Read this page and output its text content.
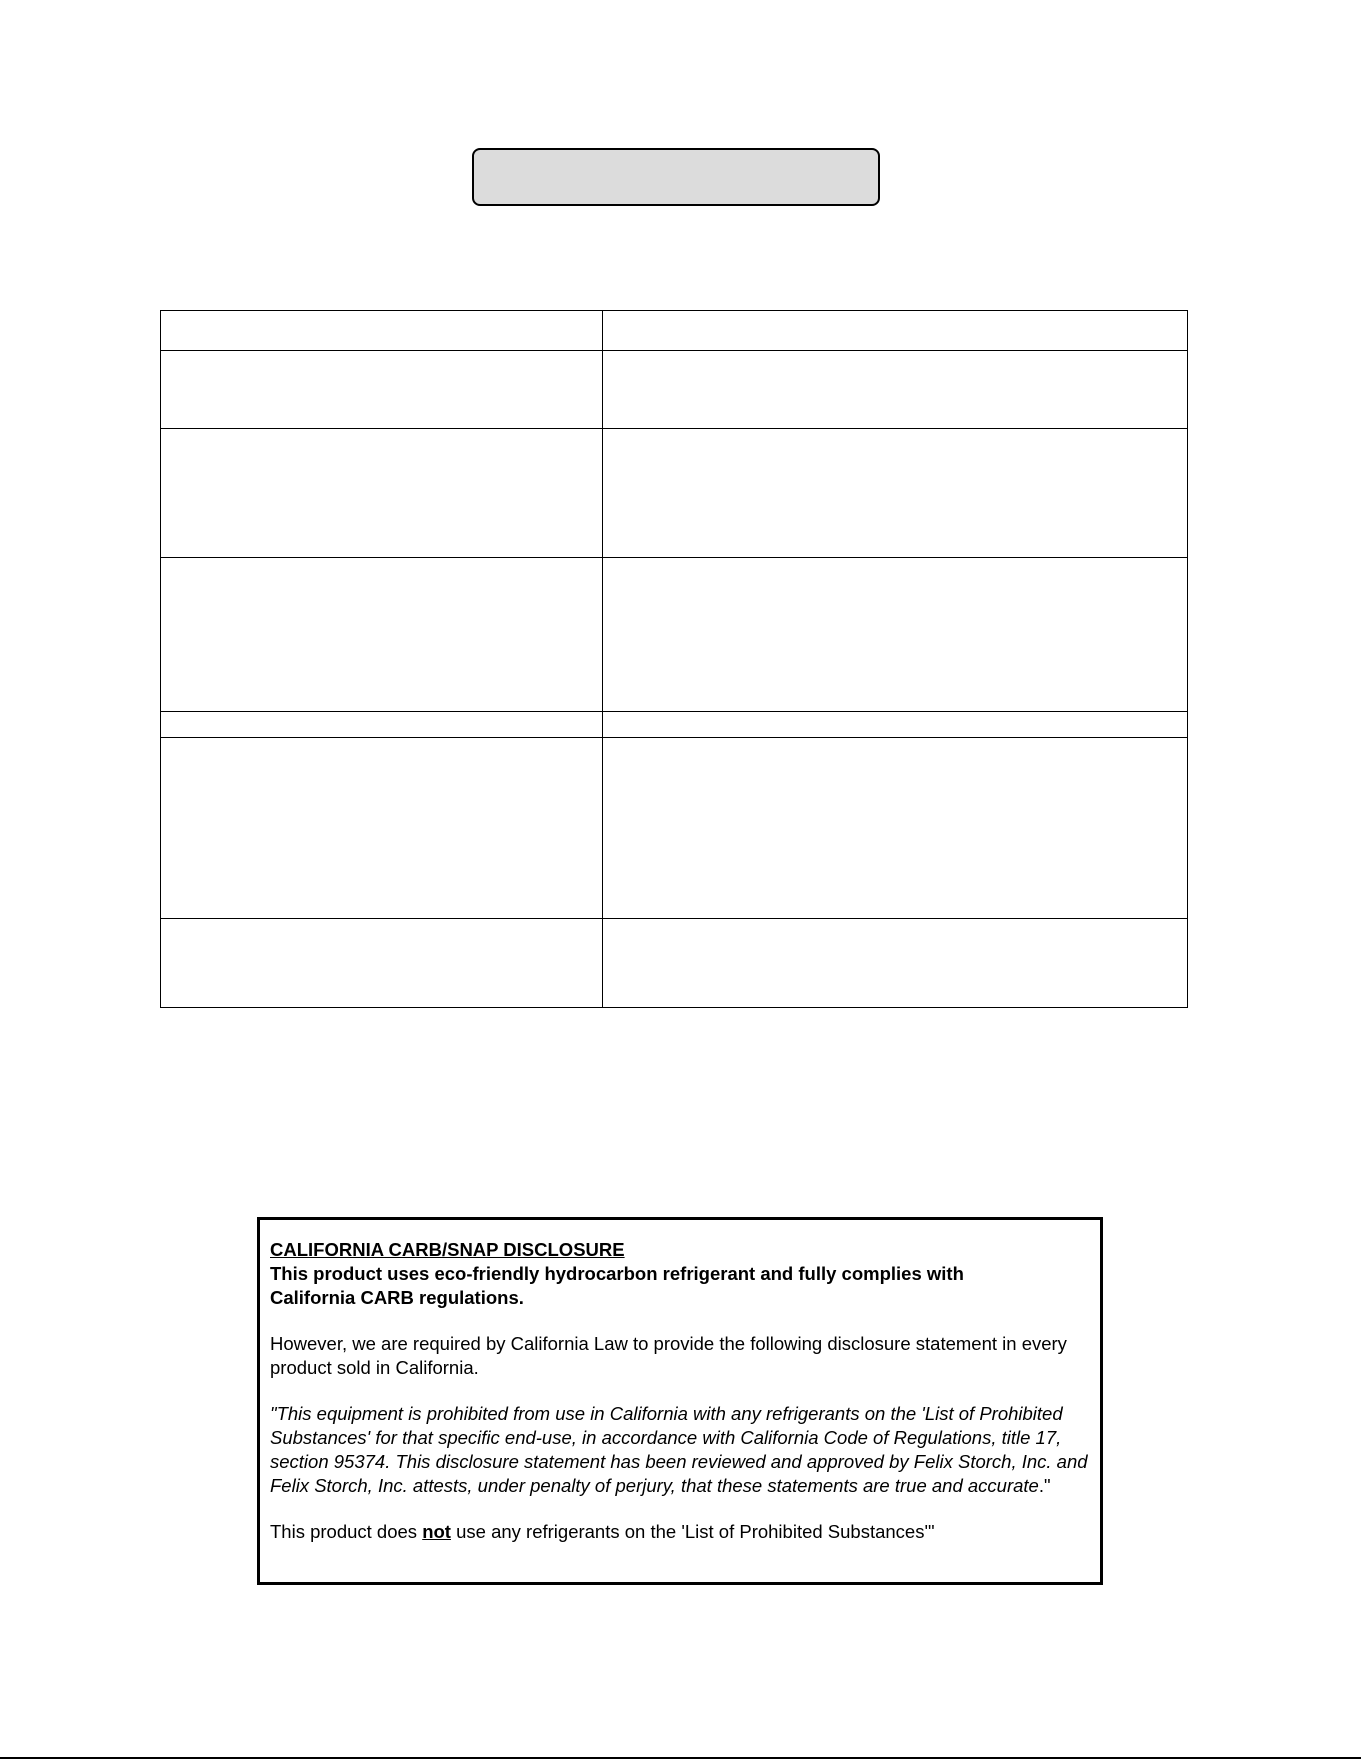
CALIFORNIA CARB/SNAP DISCLOSURE

This product uses eco-friendly hydrocarbon refrigerant and fully complies with

California CARB regulations.

However, we are required by California Law to provide the following disclosure statement in every product sold in California.

"This equipment is prohibited from use in California with any refrigerants on the 'List of Prohibited Substances' for that specific end-use, in accordance with California Code of Regulations, title 17, section 95374. This disclosure statement has been reviewed and approved by Felix Storch, Inc. and Felix Storch, Inc. attests, under penalty of perjury, that these statements are true and accurate."

This product does not use any refrigerants on the 'List of Prohibited Substances'"
